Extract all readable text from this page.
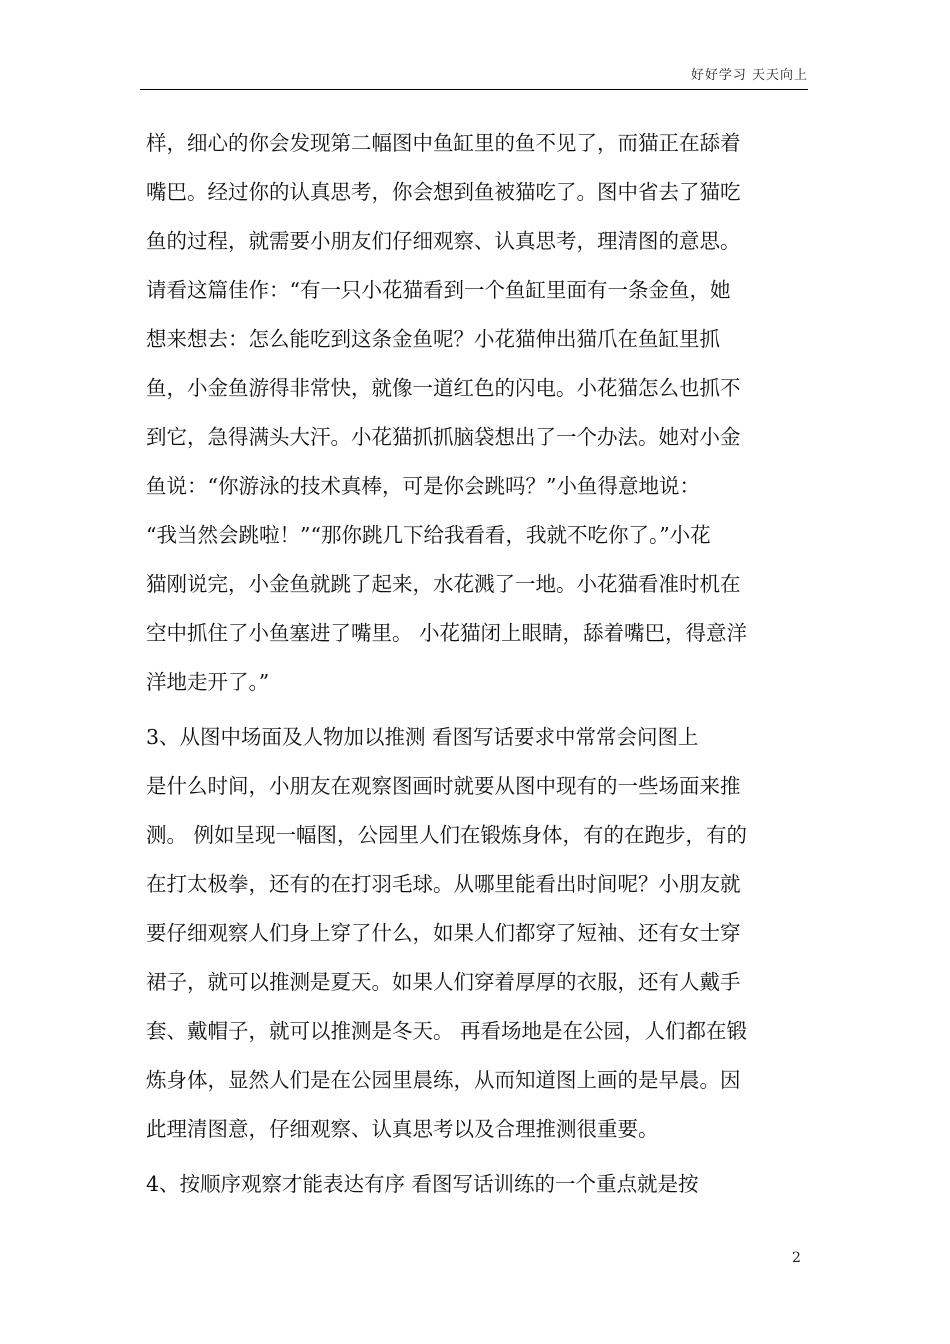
好好学习 天天向上
样，细心的你会发现第二幅图中鱼缸里的鱼不见了，而猫正在舔着
嘴巴。经过你的认真思考，你会想到鱼被猫吃了。图中省去了猫吃
鱼的过程，就需要小朋友们仔细观察、认真思考，理清图的意思。
请看这篇佳作：“有一只小花猫看到一个鱼缸里面有一条金鱼，她
想来想去：怎么能吃到这条金鱼呢？小花猫伸出猫爪在鱼缸里抓
鱼，小金鱼游得非常快，就像一道红色的闪电。小花猫怎么也抓不
到它，急得满头大汗。小花猫抓抓脑袋想出了一个办法。她对小金
鱼说：“你游泳的技术真棒，可是你会跳吗？”小鱼得意地说：
“我当然会跳啦！”“那你跳几下给我看看，我就不吃你了。”小花
猫刚说完，小金鱼就跳了起来，水花溅了一地。小花猫看准时机在
空中抓住了小鱼塞进了嘴里。 小花猫闭上眼睛，舔着嘴巴，得意洋
洋地走开了。”
3、从图中场面及人物加以推测 看图写话要求中常常会问图上
是什么时间，小朋友在观察图画时就要从图中现有的一些场面来推
测。 例如呈现一幅图，公园里人们在锻炼身体，有的在跑步，有的
在打太极拳，还有的在打羽毛球。从哪里能看出时间呢？小朋友就
要仔细观察人们身上穿了什么，如果人们都穿了短袖、还有女士穿
裙子，就可以推测是夏天。如果人们穿着厚厚的衣服，还有人戴手
套、戴帽子，就可以推测是冬天。 再看场地是在公园，人们都在锻
炼身体，显然人们是在公园里晨练，从而知道图上画的是早晨。因
此理清图意，仔细观察、认真思考以及合理推测很重要。
4、按顺序观察才能表达有序 看图写话训练的一个重点就是按
2
